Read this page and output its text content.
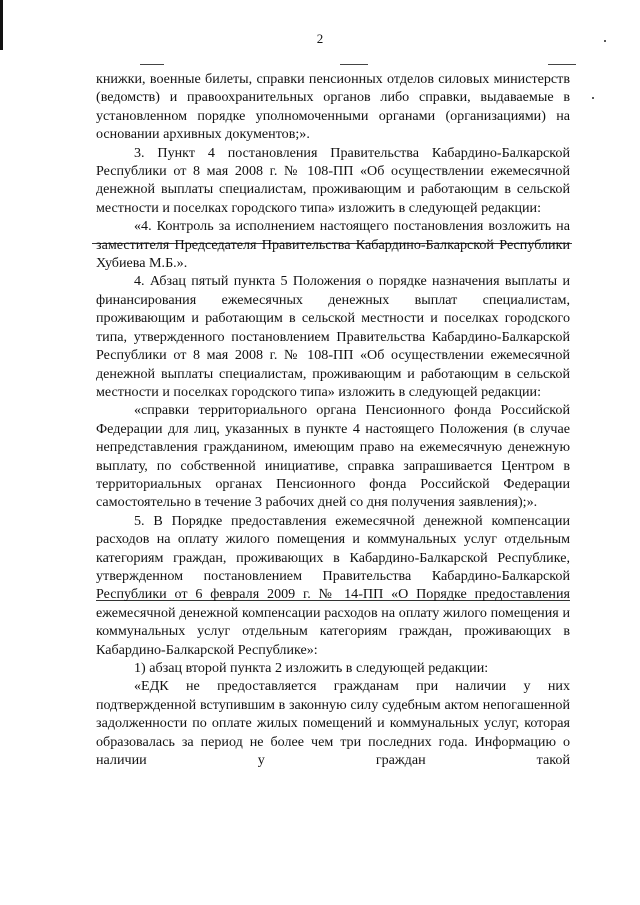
2

книжки, военные билеты, справки пенсионных отделов силовых министерств (ведомств) и правоохранительных органов либо справки, выдаваемые в установленном порядке уполномоченными органами (организациями) на основании архивных документов;».

3. Пункт 4 постановления Правительства Кабардино-Балкарской Республики от 8 мая 2008 г. № 108-ПП «Об осуществлении ежемесячной денежной выплаты специалистам, проживающим и работающим в сельской местности и поселках городского типа» изложить в следующей редакции:

«4. Контроль за исполнением настоящего постановления возложить на заместителя Председателя Правительства Кабардино-Балкарской Республики Хубиева М.Б.».

4. Абзац пятый пункта 5 Положения о порядке назначения выплаты и финансирования ежемесячных денежных выплат специалистам, проживающим и работающим в сельской местности и поселках городского типа, утвержденного постановлением Правительства Кабардино-Балкарской Республики от 8 мая 2008 г. № 108-ПП «Об осуществлении ежемесячной денежной выплаты специалистам, проживающим и работающим в сельской местности и поселках городского типа» изложить в следующей редакции:

«справки территориального органа Пенсионного фонда Российской Федерации для лиц, указанных в пункте 4 настоящего Положения (в случае непредставления гражданином, имеющим право на ежемесячную денежную выплату, по собственной инициативе, справка запрашивается Центром в территориальных органах Пенсионного фонда Российской Федерации самостоятельно в течение 3 рабочих дней со дня получения заявления);».

5. В Порядке предоставления ежемесячной денежной компенсации расходов на оплату жилого помещения и коммунальных услуг отдельным категориям граждан, проживающих в Кабардино-Балкарской Республике, утвержденном постановлением Правительства Кабардино-Балкарской Республики от 6 февраля 2009 г. № 14-ПП «О Порядке предоставления ежемесячной денежной компенсации расходов на оплату жилого помещения и коммунальных услуг отдельным категориям граждан, проживающих в Кабардино-Балкарской Республике»:

1) абзац второй пункта 2 изложить в следующей редакции:

«ЕДК не предоставляется гражданам при наличии у них подтвержденной вступившим в законную силу судебным актом непогашенной задолженности по оплате жилых помещений и коммунальных услуг, которая образовалась за период не более чем три последних года. Информацию о наличии у граждан такой
